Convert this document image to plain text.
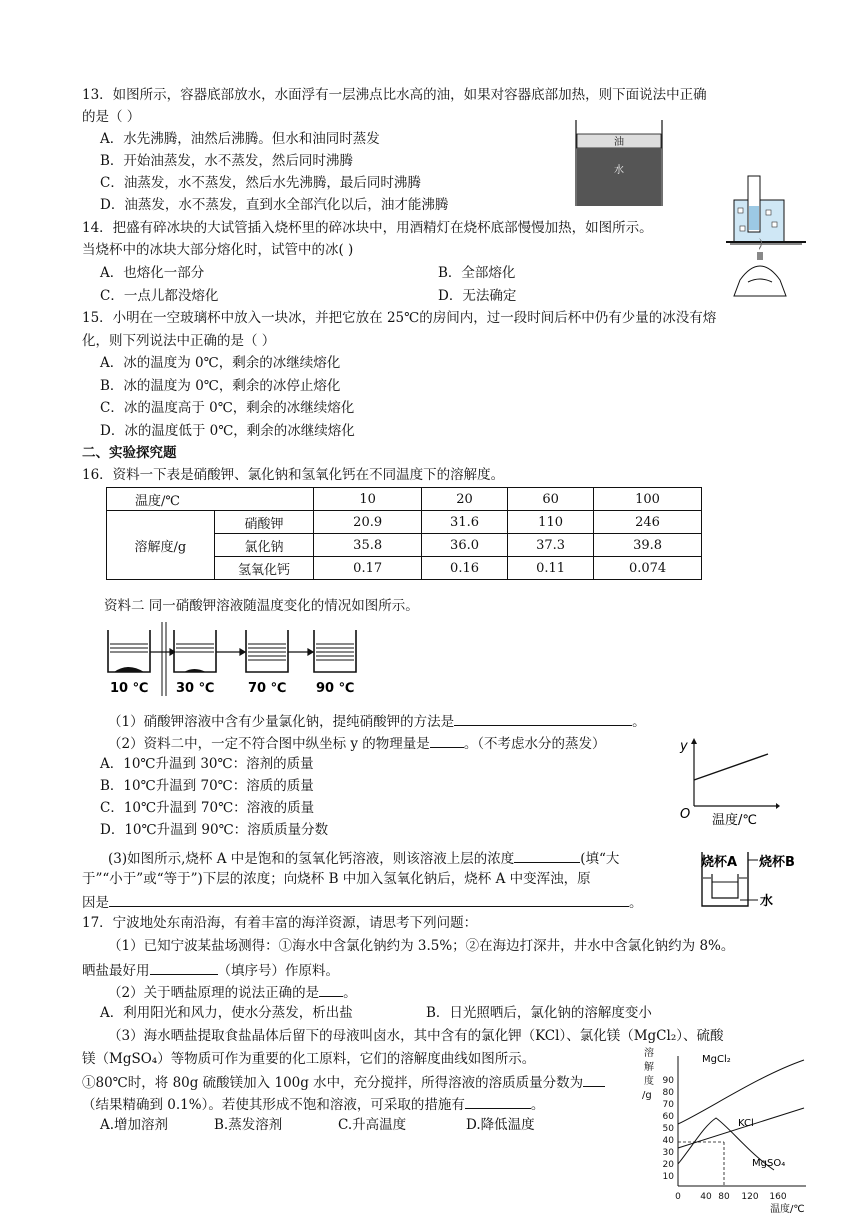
13．如图所示，容器底部放水，水面浮有一层沸点比水高的油，如果对容器底部加热，则下面说法中正确
的是（ ）
A．水先沸腾，油然后沸腾。但水和油同时蒸发
B．开始油蒸发，水不蒸发，然后同时沸腾
C．油蒸发，水不蒸发，然后水先沸腾，最后同时沸腾
D．油蒸发，水不蒸发，直到水全部汽化以后，油才能沸腾
油
水
14．把盛有碎冰块的大试管插入烧杯里的碎冰块中，用酒精灯在烧杯底部慢慢加热，如图所示。
当烧杯中的冰块大部分熔化时，试管中的冰( )
A．也熔化一部分	B．全部熔化
C．一点儿都没熔化	D．无法确定
15．小明在一空玻璃杯中放入一块冰，并把它放在 25℃的房间内，过一段时间后杯中仍有少量的冰没有熔
化，则下列说法中正确的是（ ）
A．冰的温度为 0℃，剩余的冰继续熔化
B．冰的温度为 0℃，剩余的冰停止熔化
C．冰的温度高于 0℃，剩余的冰继续熔化
D．冰的温度低于 0℃，剩余的冰继续熔化
二、实验探究题
16．资料一下表是硝酸钾、氯化钠和氢氧化钙在不同温度下的溶解度。
温度/℃		10	20	60	100
溶解度/g	硝酸钾	20.9	31.6	110	246
	氯化钠	35.8	36.0	37.3	39.8
	氢氧化钙	0.17	0.16	0.11	0.074
资料二 同一硝酸钾溶液随温度变化的情况如图所示。
10 ℃ 30 ℃	70 ℃ 90 ℃
（1）硝酸钾溶液中含有少量氯化钠，提纯硝酸钾的方法是	。
（2）资料二中，一定不符合图中纵坐标 y 的物理量是	。（不考虑水分的蒸发）
A．10℃升温到 30℃：溶剂的质量
B．10℃升温到 70℃：溶质的质量
C．10℃升温到 70℃：溶液的质量
D．10℃升温到 90℃：溶质质量分数
y
O 温度/℃
(3)如图所示,烧杯 A 中是饱和的氢氧化钙溶液，则该溶液上层的浓度	(填“大
于”“小于”或“等于”)下层的浓度；向烧杯 B 中加入氢氧化钠后，烧杯 A 中变浑浊，原
因是	。
烧杯A 烧杯B
水
17．宁波地处东南沿海，有着丰富的海洋资源，请思考下列问题：
（1）已知宁波某盐场测得：①海水中含氯化钠约为 3.5%；②在海边打深井，井水中含氯化钠约为 8%。
晒盐最好用	（填序号）作原料。
（2）关于晒盐原理的说法正确的是 。
A．利用阳光和风力，使水分蒸发，析出盐	B．日光照晒后，氯化钠的溶解度变小
（3）海水晒盐提取食盐晶体后留下的母液叫卤水，其中含有的氯化钾（KCl）、氯化镁（MgCl₂）、硫酸
镁（MgSO₄）等物质可作为重要的化工原料，它们的溶解度曲线如图所示。
①80℃时，将 80g 硫酸镁加入 100g 水中，充分搅拌，所得溶液的溶质质量分数为
（结果精确到 0.1%）。若使其形成不饱和溶液，可采取的措施有	。
A.增加溶剂	B.蒸发溶剂	C.升高温度	D.降低温度
溶
解
度
/g
10
20
30
40
50
60
70
80
90
0 40 80 120 160
MgCl₂
KCl
MgSO₄
温度/℃
